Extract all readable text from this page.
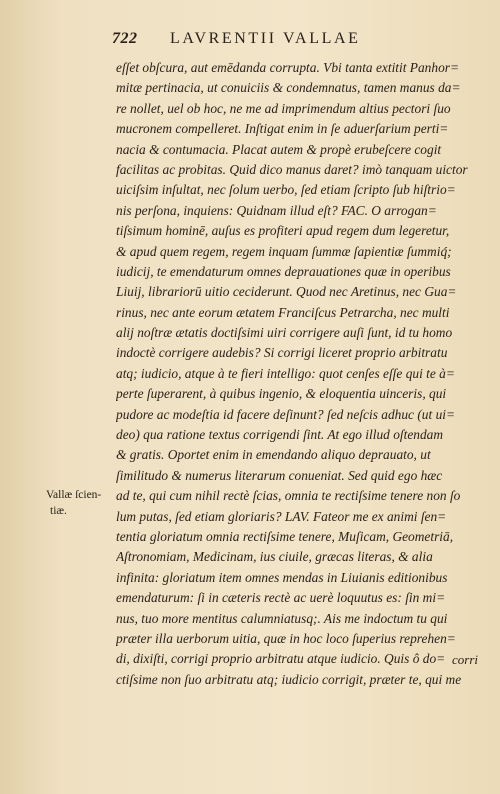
722 LAVRENTII VALLAE
Vallæ ſcien-
tiæ.
eſſet obſcura, aut emēdanda corrupta. Vbi tanta extitit Panhor=
mitæ pertinacia, ut conuiciis & condemnatus, tamen manus da=
re nollet, uel ob hoc, ne me ad imprimendum altius pectori ſuo
mucronem compelleret. Inſtigat enim in ſe aduerſarium perti=
nacia & contumacia. Placat autem & propè erubeſcere cogit
facilitas ac probitas. Quid dico manus daret? imò tanquam uictor
uiciſsim inſultat, nec ſolum uerbo, ſed etiam ſcripto ſub hiſtrio=
nis perſona, inquiens: Quidnam illud eſt? FAC. O arrogan=
tiſsimum hominē, auſus es profiteri apud regem dum legeretur,
& apud quem regem, regem inquam ſummæ ſapientiæ ſummiq́;
iudicij, te emendaturum omnes deprauationes quæ in operibus
Liuij, librariorū uitio ceciderunt. Quod nec Aretinus, nec Gua=
rinus, nec ante eorum ætatem Franciſcus Petrarcha, nec multi
alij noſtræ ætatis doctiſsimi uiri corrigere auſi ſunt, id tu homo
indoctè corrigere audebis? Si corrigi liceret proprio arbitratu
atq; iudicio, atque à te fieri intelligo: quot cenſes eſſe qui te à=
perte ſuperarent, à quibus ingenio, & eloquentia uinceris, qui
pudore ac modeſtia id facere deſinunt? ſed neſcis adhuc (ut ui=
deo) qua ratione textus corrigendi ſint. At ego illud oſtendam
& gratis. Oportet enim in emendando aliquo deprauato, ut
ſimilitudo & numerus literarum conueniat. Sed quid ego hæc
ad te, qui cum nihil rectè ſcias, omnia te rectiſsime tenere non ſo
lum putas, ſed etiam gloriaris? LAV. Fateor me ex animi ſen=
tentia gloriatum omnia rectiſsime tenere, Muſicam, Geometriā,
Aſtronomiam, Medicinam, ius ciuile, græcas literas, & alia
infinita: gloriatum item omnes mendas in Liuianis editionibus
emendaturum: ſi in cæteris rectè ac uerè loquutus es: ſin mi=
nus, tuo more mentitus calumniatusq;. Ais me indoctum tu qui
præter illa uerborum uitia, quæ in hoc loco ſuperius reprehen=
di, dixiſti, corrigi proprio arbitratu atque iudicio. Quis ô do=
ctiſsime non ſuo arbitratu atq; iudicio corrigit, præter te, qui me
corri
